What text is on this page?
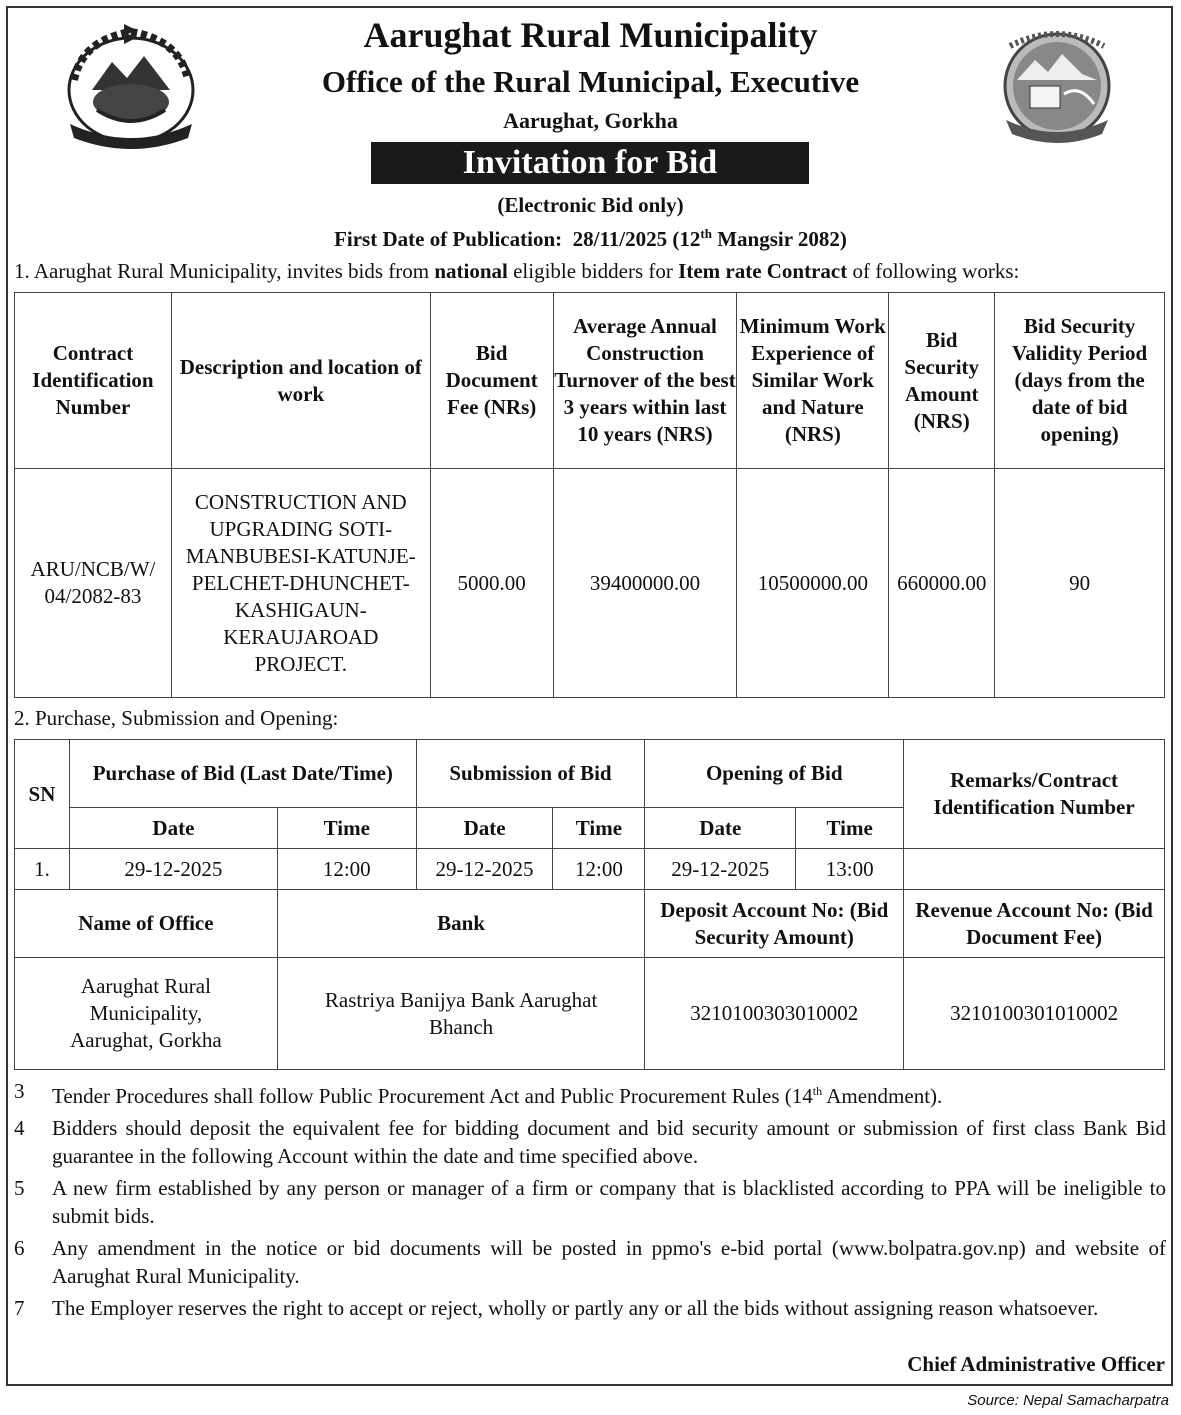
Aarughat Rural Municipality
Office of the Rural Municipal, Executive
Aarughat, Gorkha
Invitation for Bid
(Electronic Bid only)
First Date of Publication: 28/11/2025 (12th Mangsir 2082)
1. Aarughat Rural Municipality, invites bids from national eligible bidders for Item rate Contract of following works:
Contract Identification Number	Description and location of work	Bid Document Fee (NRs)	Average Annual Construction Turnover of the best 3 years within last 10 years (NRS)	Minimum Work Experience of Similar Work and Nature (NRS)	Bid Security Amount (NRS)	Bid Security Validity Period (days from the date of bid opening)
ARU/NCB/W/ 04/2082-83	CONSTRUCTION AND UPGRADING SOTI-MANBUBESI-KATUNJE-PELCHET-DHUNCHET-KASHIGAUN-KERAUJAROAD PROJECT.	5000.00	39400000.00	10500000.00	660000.00	90
2. Purchase, Submission and Opening:
SN	Purchase of Bid (Last Date/Time)		Submission of Bid		Opening of Bid		Remarks/Contract Identification Number
	Date	Time	Date	Time	Date	Time	
1.	29-12-2025	12:00	29-12-2025	12:00	29-12-2025	13:00	
Name of Office		Bank			Deposit Account No: (Bid Security Amount)		Revenue Account No: (Bid Document Fee)
Aarughat Rural Municipality, Aarughat, Gorkha		Rastriya Banijya Bank Aarughat Bhanch			3210100303010002		3210100301010002
3	Tender Procedures shall follow Public Procurement Act and Public Procurement Rules (14th Amendment).
4	Bidders should deposit the equivalent fee for bidding document and bid security amount or submission of first class Bank Bid guarantee in the following Account within the date and time specified above.
5	A new firm established by any person or manager of a firm or company that is blacklisted according to PPA will be ineligible to submit bids.
6	Any amendment in the notice or bid documents will be posted in ppmo's e-bid portal (www.bolpatra.gov.np) and website of Aarughat Rural Municipality.
7	The Employer reserves the right to accept or reject, wholly or partly any or all the bids without assigning reason whatsoever.
Chief Administrative Officer
Source: Nepal Samacharpatra
